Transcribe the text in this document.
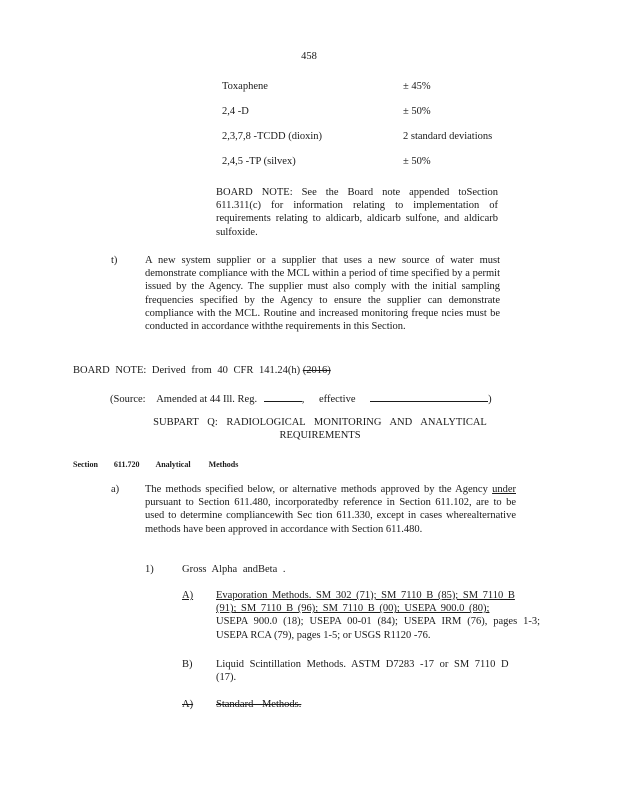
458
Toxaphene	± 45%
2,4 -D	± 50%
2,3,7,8 -TCDD (dioxin)	2 standard deviations
2,4,5 -TP (silvex)	± 50%
BOARD NOTE: See the Board note appended toSection 611.311(c) for information relating to implementation of requirements relating to aldicarb, aldicarb sulfone, and aldicarb sulfoxide.
t)	A new system supplier or a supplier that uses a new source of water must demonstrate compliance with the MCL within a period of time specified by a permit issued by the Agency. The supplier must also comply with the initial sampling frequencies specified by the Agency to ensure the supplier can demonstrate compliance with the MCL. Routine and increased monitoring freque ncies must be conducted in accordance withthe requirements in this Section.
BOARD NOTE: Derived from 40 CFR 141.24(h) (2016)
(Source: Amended at 44 Ill. Reg.	, effective	)
SUBPART Q: RADIOLOGICAL MONITORING AND ANALYTICAL
REQUIREMENTS
Section 611.720 Analytical Methods
a) The methods specified below, or alternative methods approved by the Agency under pursuant to Section 611.480, incorporatedby reference in Section 611.102, are to be used to determine compliancewith Sec tion 611.330, except in cases wherealternative methods have been approved in accordance with Section 611.480.
1)	Gross Alpha andBeta .
A) Evaporation Methods. SM 302 (71); SM 7110 B (85); SM 7110 B
(91); SM 7110 B (96); SM 7110 B (00); USEPA 900.0 (80);
USEPA 900.0 (18); USEPA 00-01 (84); USEPA IRM (76), pages 1-3; USEPA RCA (79), pages 1-5; or USGS R1120 -76.
B) Liquid Scintillation Methods. ASTM D7283 -17 or SM 7110 D (17).
A) Standard Methods.
